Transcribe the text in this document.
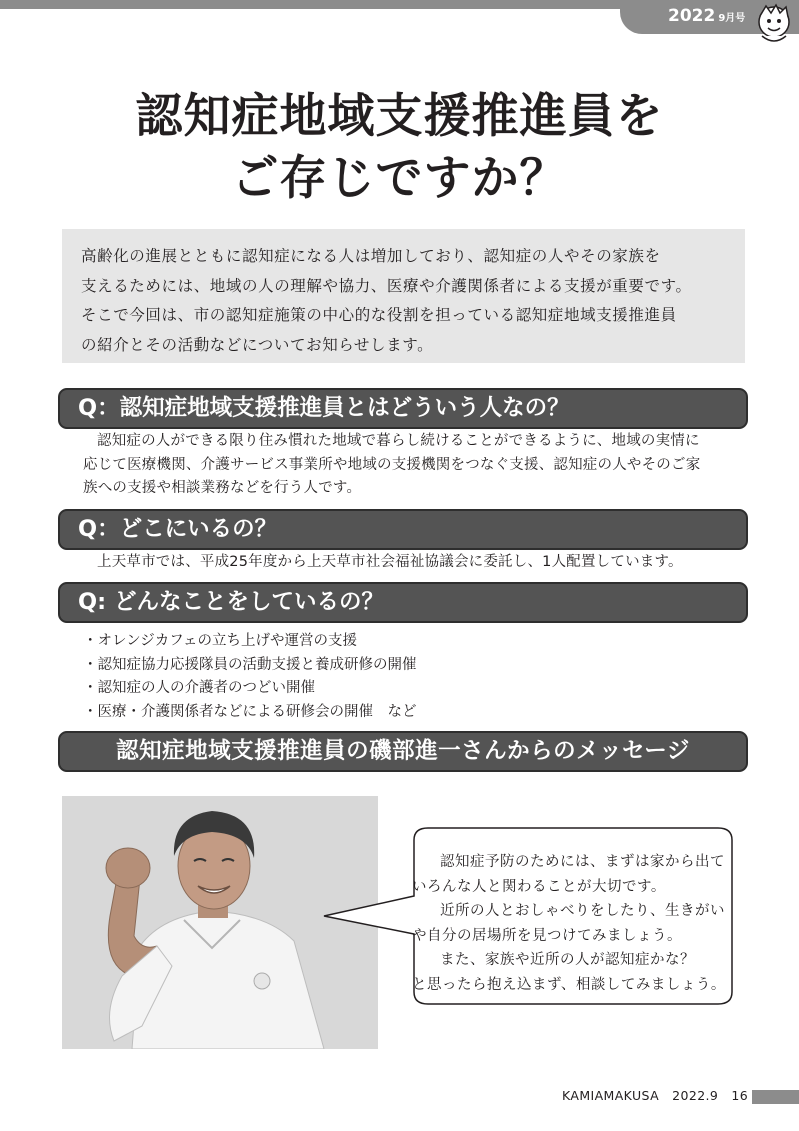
2022 9月号
認知症地域支援推進員を
ご存じですか？
高齢化の進展とともに認知症になる人は増加しており、認知症の人やその家族を
支えるためには、地域の人の理解や協力、医療や介護関係者による支援が重要です。
そこで今回は、市の認知症施策の中心的な役割を担っている認知症地域支援推進員
の紹介とその活動などについてお知らせします。
Q：認知症地域支援推進員とはどういう人なの？
認知症の人ができる限り住み慣れた地域で暮らし続けることができるように、地域の実情に
応じて医療機関、介護サービス事業所や地域の支援機関をつなぐ支援、認知症の人やそのご家
族への支援や相談業務などを行う人です。
Q：どこにいるの？
上天草市では、平成25年度から上天草市社会福祉協議会に委託し、1人配置しています。
Q: どんなことをしているの？
・オレンジカフェの立ち上げや運営の支援
・認知症協力応援隊員の活動支援と養成研修の開催
・認知症の人の介護者のつどい開催
・医療・介護関係者などによる研修会の開催　など
認知症地域支援推進員の磯部進一さんからのメッセージ
認知症予防のためには、まずは家から出て
いろんな人と関わることが大切です。
近所の人とおしゃべりをしたり、生きがい
や自分の居場所を見つけてみましょう。
また、家族や近所の人が認知症かな？
と思ったら抱え込まず、相談してみましょう。
KAMIAMAKUSA 2022.9 16
